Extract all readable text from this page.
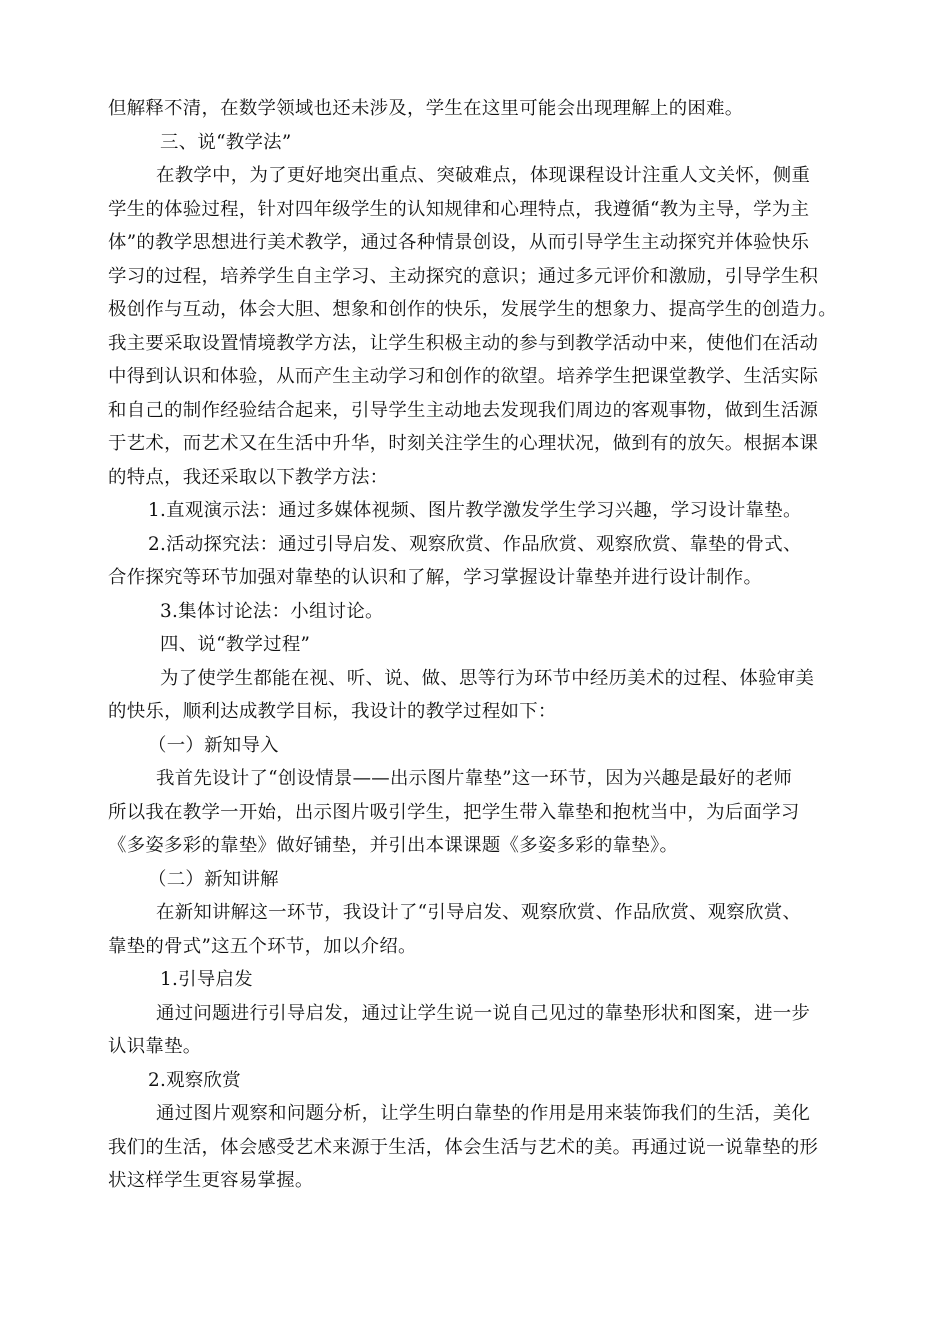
但解释不清，在数学领域也还未涉及，学生在这里可能会出现理解上的困难。
三、说“教学法”
在教学中，为了更好地突出重点、突破难点，体现课程设计注重人文关怀，侧重
学生的体验过程，针对四年级学生的认知规律和心理特点，我遵循“教为主导，学为主
体”的教学思想进行美术教学，通过各种情景创设，从而引导学生主动探究并体验快乐
学习的过程，培养学生自主学习、主动探究的意识；通过多元评价和激励，引导学生积
极创作与互动，体会大胆、想象和创作的快乐，发展学生的想象力、提高学生的创造力。
我主要采取设置情境教学方法，让学生积极主动的参与到教学活动中来，使他们在活动
中得到认识和体验，从而产生主动学习和创作的欲望。培养学生把课堂教学、生活实际
和自己的制作经验结合起来，引导学生主动地去发现我们周边的客观事物，做到生活源
于艺术，而艺术又在生活中升华，时刻关注学生的心理状况，做到有的放矢。根据本课
的特点，我还采取以下教学方法：
1.直观演示法：通过多媒体视频、图片教学激发学生学习兴趣，学习设计靠垫。
2.活动探究法：通过引导启发、观察欣赏、作品欣赏、观察欣赏、靠垫的骨式、
合作探究等环节加强对靠垫的认识和了解，学习掌握设计靠垫并进行设计制作。
3.集体讨论法：小组讨论。
四、说“教学过程”
为了使学生都能在视、听、说、做、思等行为环节中经历美术的过程、体验审美
的快乐，顺利达成教学目标，我设计的教学过程如下：
（一）新知导入
我首先设计了“创设情景——出示图片靠垫”这一环节，因为兴趣是最好的老师
所以我在教学一开始，出示图片吸引学生，把学生带入靠垫和抱枕当中，为后面学习
《多姿多彩的靠垫》做好铺垫，并引出本课课题《多姿多彩的靠垫》。
（二）新知讲解
在新知讲解这一环节，我设计了“引导启发、观察欣赏、作品欣赏、观察欣赏、
靠垫的骨式”这五个环节，加以介绍。
1.引导启发
通过问题进行引导启发，通过让学生说一说自己见过的靠垫形状和图案，进一步
认识靠垫。
2.观察欣赏
通过图片观察和问题分析，让学生明白靠垫的作用是用来装饰我们的生活，美化
我们的生活，体会感受艺术来源于生活，体会生活与艺术的美。再通过说一说靠垫的形
状这样学生更容易掌握。
